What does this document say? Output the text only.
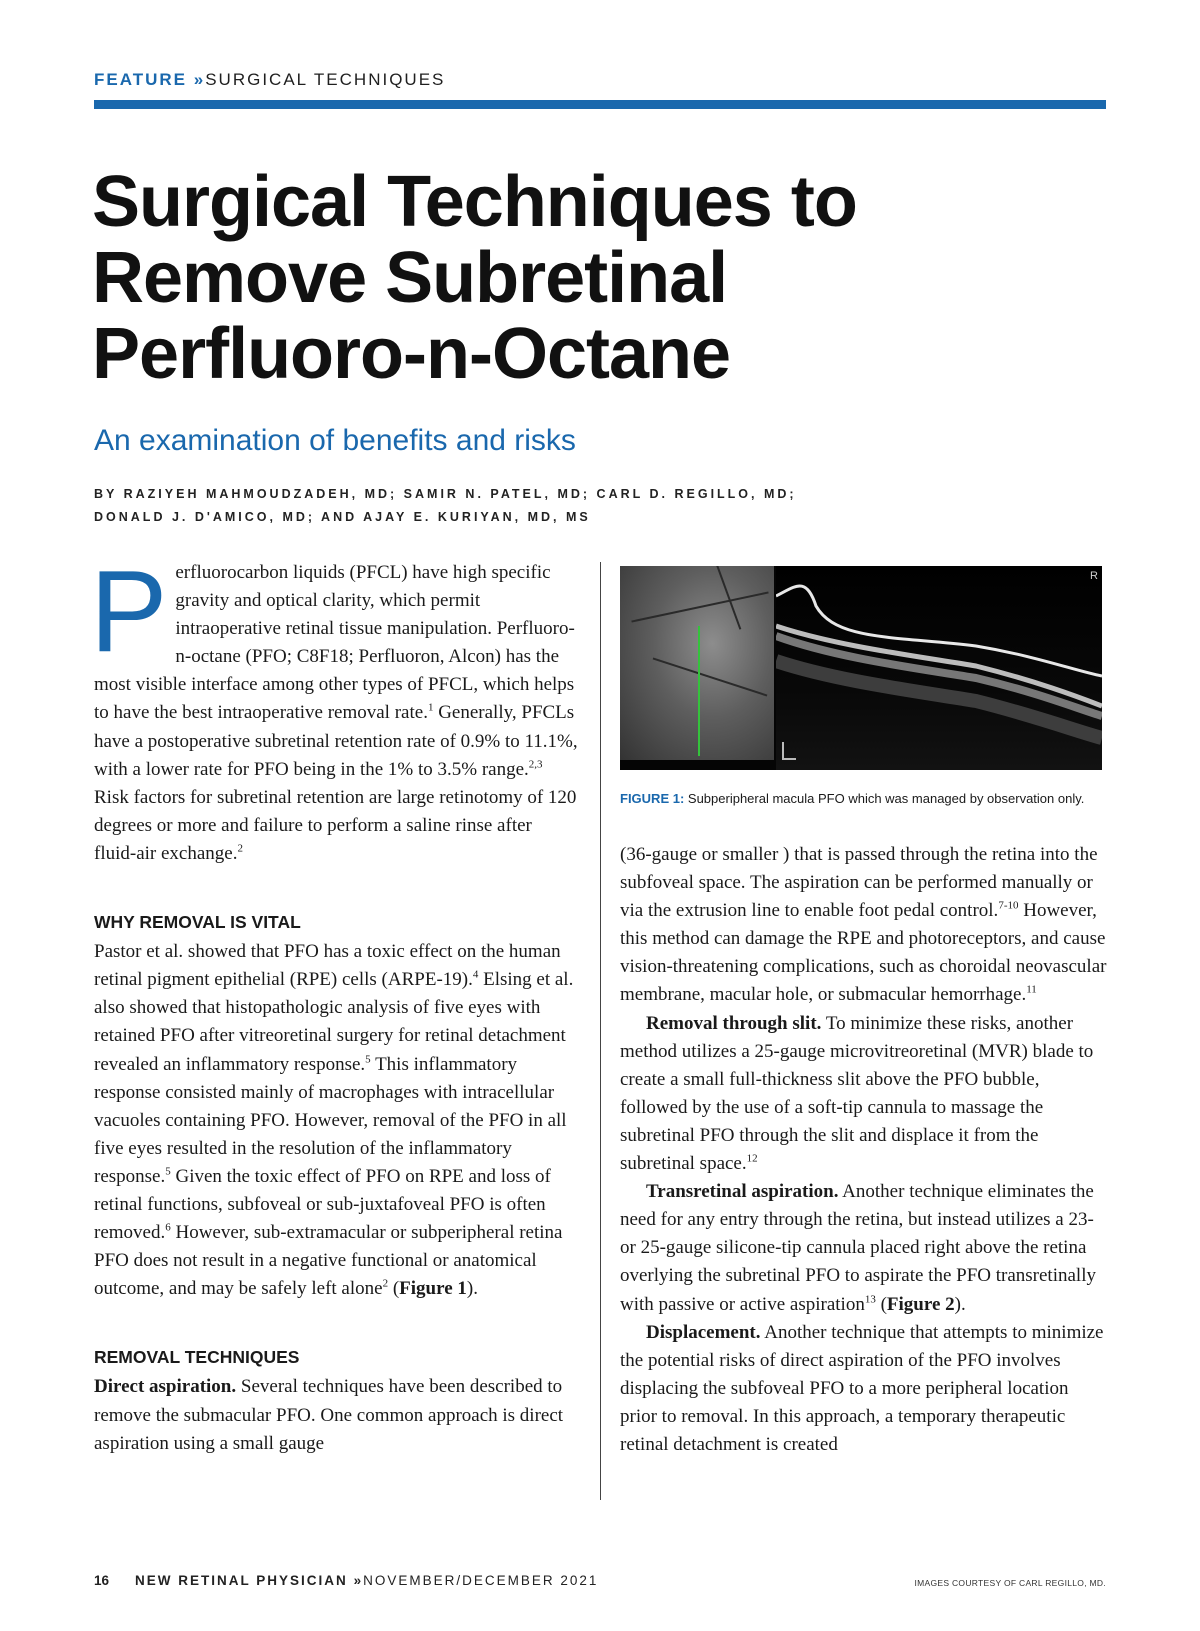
FEATURE »SURGICAL TECHNIQUES
Surgical Techniques to
Remove Subretinal
Perfluoro-n-Octane
An examination of benefits and risks
BY RAZIYEH MAHMOUDZADEH, MD; SAMIR N. PATEL, MD; CARL D. REGILLO, MD;
DONALD J. D'AMICO, MD; AND AJAY E. KURIYAN, MD, MS

Perfluorocarbon liquids (PFCL) have high specific gravity and optical clarity, which permit intraoperative retinal tissue manipulation. Perfluoro-n-octane (PFO; C8F18; Perfluoron, Alcon) has the most visible interface among other types of PFCL, which helps to have the best intraoperative removal rate.$^1$ Generally, PFCLs have a postoperative subretinal retention rate of 0.9% to 11.1%, with a lower rate for PFO being in the 1% to 3.5% range.$^{2,3}$ Risk factors for subretinal retention are large retinotomy of 120 degrees or more and failure to perform a saline rinse after fluid-air exchange.$^2$

WHY REMOVAL IS VITAL

Pastor et al. showed that PFO has a toxic effect on the human retinal pigment epithelial (RPE) cells (ARPE-19).$^4$ Elsing et al. also showed that histopathologic analysis of five eyes with retained PFO after vitreoretinal surgery for retinal detachment revealed an inflammatory response.$^5$ This inflammatory response consisted mainly of macrophages with intracellular vacuoles containing PFO. However, removal of the PFO in all five eyes resulted in the resolution of the inflammatory response.$^5$ Given the toxic effect of PFO on RPE and loss of retinal functions, subfoveal or sub-juxtafoveal PFO is often removed.$^6$ However, sub-extramacular or subperipheral retina PFO does not result in a negative functional or anatomical outcome, and may be safely left alone$^2$ (Figure 1).

REMOVAL TECHNIQUES

Direct aspiration. Several techniques have been described to remove the submacular PFO. One common approach is direct aspiration using a small gauge

R
FIGURE 1: Subperipheral macula PFO which was managed by observation only.

(36-gauge or smaller ) that is passed through the retina into the subfoveal space. The aspiration can be performed manually or via the extrusion line to enable foot pedal control.$^{7-10}$ However, this method can damage the RPE and photoreceptors, and cause vision-threatening complications, such as choroidal neovascular membrane, macular hole, or submacular hemorrhage.$^{11}$

Removal through slit. To minimize these risks, another method utilizes a 25-gauge microvitreoretinal (MVR) blade to create a small full-thickness slit above the PFO bubble, followed by the use of a soft-tip cannula to massage the subretinal PFO through the slit and displace it from the subretinal space.$^{12}$

Transretinal aspiration. Another technique eliminates the need for any entry through the retina, but instead utilizes a 23- or 25-gauge silicone-tip cannula placed right above the retina overlying the subretinal PFO to aspirate the PFO transretinally with passive or active aspiration$^{13}$ (Figure 2).

Displacement. Another technique that attempts to minimize the potential risks of direct aspiration of the PFO involves displacing the subfoveal PFO to a more peripheral location prior to removal. In this approach, a temporary therapeutic retinal detachment is created

16 NEW RETINAL PHYSICIAN »NOVEMBER/DECEMBER 2021	IMAGES COURTESY OF CARL REGILLO, MD.
